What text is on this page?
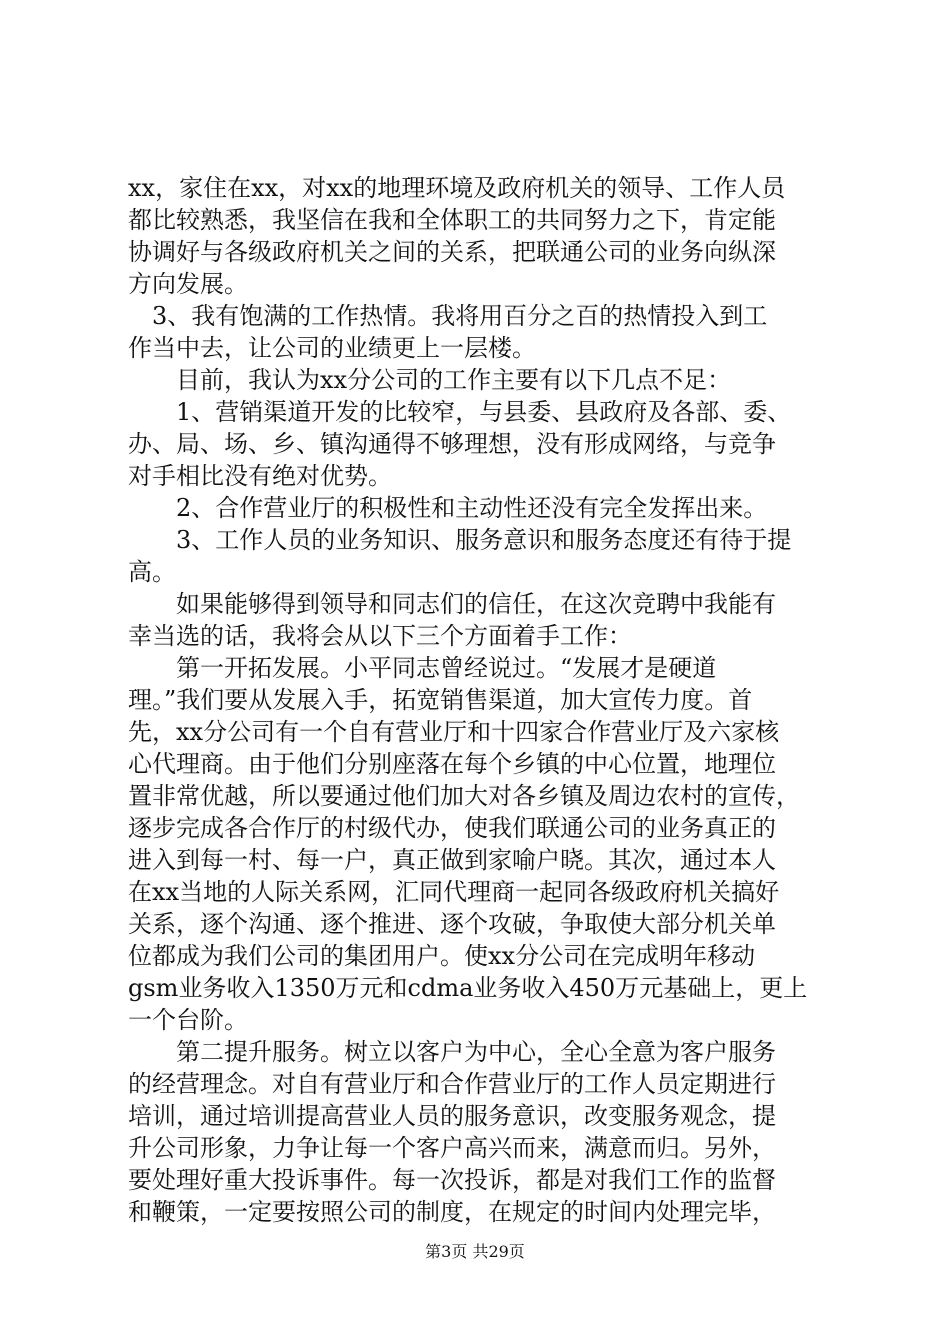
xx，家住在xx，对xx的地理环境及政府机关的领导、工作人员
都比较熟悉，我坚信在我和全体职工的共同努力之下，肯定能
协调好与各级政府机关之间的关系，把联通公司的业务向纵深
方向发展。
　3、我有饱满的工作热情。我将用百分之百的热情投入到工
作当中去，让公司的业绩更上一层楼。
　　目前，我认为xx分公司的工作主要有以下几点不足：
　　1、营销渠道开发的比较窄，与县委、县政府及各部、委、
办、局、场、乡、镇沟通得不够理想，没有形成网络，与竞争
对手相比没有绝对优势。
　　2、合作营业厅的积极性和主动性还没有完全发挥出来。
　　3、工作人员的业务知识、服务意识和服务态度还有待于提
高。
　　如果能够得到领导和同志们的信任，在这次竞聘中我能有
幸当选的话，我将会从以下三个方面着手工作：
　　第一开拓发展。小平同志曾经说过。“发展才是硬道
理。”我们要从发展入手，拓宽销售渠道，加大宣传力度。首
先，xx分公司有一个自有营业厅和十四家合作营业厅及六家核
心代理商。由于他们分别座落在每个乡镇的中心位置，地理位
置非常优越，所以要通过他们加大对各乡镇及周边农村的宣传，
逐步完成各合作厅的村级代办，使我们联通公司的业务真正的
进入到每一村、每一户，真正做到家喻户晓。其次，通过本人
在xx当地的人际关系网，汇同代理商一起同各级政府机关搞好
关系，逐个沟通、逐个推进、逐个攻破，争取使大部分机关单
位都成为我们公司的集团用户。使xx分公司在完成明年移动
gsm业务收入1350万元和cdma业务收入450万元基础上，更上
一个台阶。
　　第二提升服务。树立以客户为中心，全心全意为客户服务
的经营理念。对自有营业厅和合作营业厅的工作人员定期进行
培训，通过培训提高营业人员的服务意识，改变服务观念，提
升公司形象，力争让每一个客户高兴而来，满意而归。另外，
要处理好重大投诉事件。每一次投诉，都是对我们工作的监督
和鞭策，一定要按照公司的制度，在规定的时间内处理完毕，
第3页 共29页
